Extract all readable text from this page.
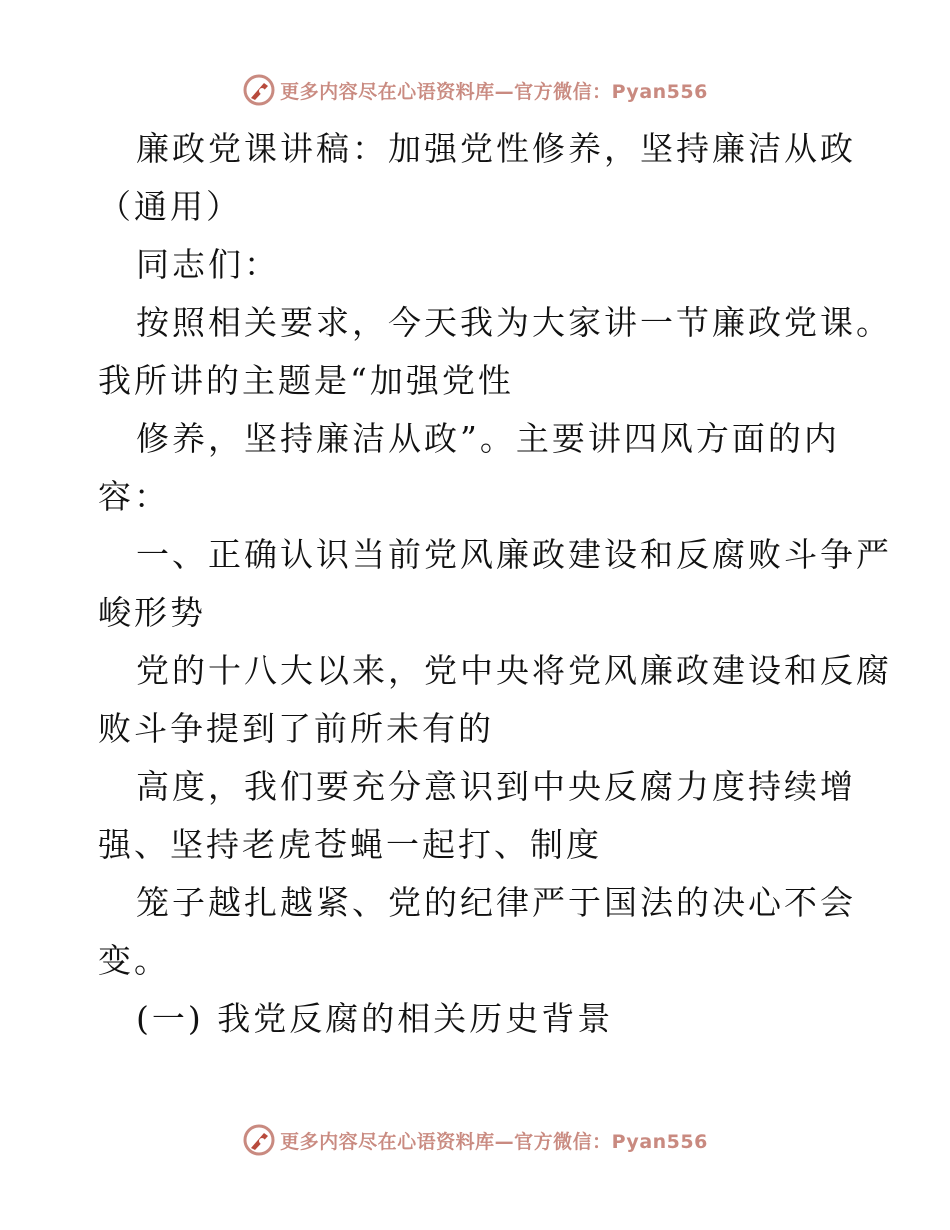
更多内容尽在心语资料库—官方微信：Pyan556
廉政党课讲稿：加强党性修养，坚持廉洁从政
（通用）
同志们：
按照相关要求，今天我为大家讲一节廉政党课。
我所讲的主题是“加强党性
修养，坚持廉洁从政”。主要讲四风方面的内
容：
一、正确认识当前党风廉政建设和反腐败斗争严
峻形势
党的十八大以来，党中央将党风廉政建设和反腐
败斗争提到了前所未有的
高度，我们要充分意识到中央反腐力度持续增
强、坚持老虎苍蝇一起打、制度
笼子越扎越紧、党的纪律严于国法的决心不会
变。
(一) 我党反腐的相关历史背景
更多内容尽在心语资料库—官方微信：Pyan556
